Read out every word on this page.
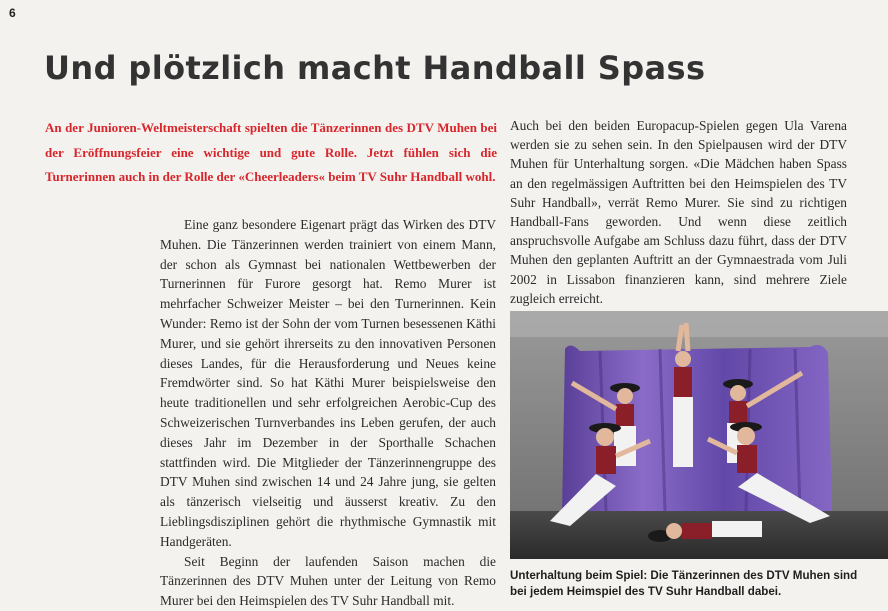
6
Und plötzlich macht Handball Spass

An der Junioren-Weltmeisterschaft spielten die Tänzerinnen des DTV Muhen bei der Eröffnungsfeier eine wichtige und gute Rolle. Jetzt fühlen sich die Turnerinnen auch in der Rolle der «Cheerleaders« beim TV Suhr Handball wohl.

Eine ganz besondere Eigenart prägt das Wirken des DTV Muhen. Die Tänzerinnen werden trainiert von einem Mann, der schon als Gymnast bei nationalen Wettbewerben der Turnerinnen für Furore gesorgt hat. Remo Murer ist mehrfacher Schweizer Meister – bei den Turnerinnen. Kein Wunder: Remo ist der Sohn der vom Turnen besessenen Käthi Murer, und sie gehört ihrerseits zu den innovativen Personen dieses Landes, für die Herausforderung und Neues keine Fremdwörter sind. So hat Käthi Murer beispielsweise den heute traditionellen und sehr erfolgreichen Aerobic-Cup des Schweizerischen Turnverbandes ins Leben gerufen, der auch dieses Jahr im Dezember in der Sporthalle Schachen stattfinden wird. Die Mitglieder der Tänzerinnengruppe des DTV Muhen sind zwischen 14 und 24 Jahre jung, sie gelten als tänzerisch vielseitig und äusserst kreativ. Zu den Lieblingsdisziplinen gehört die rhythmische Gymnastik mit Handgeräten.

Seit Beginn der laufenden Saison machen die Tänzerinnen des DTV Muhen unter der Leitung von Remo Murer bei den Heimspielen des TV Suhr Handball mit.

Auch bei den beiden Europacup-Spielen gegen Ula Varena werden sie zu sehen sein. In den Spielpausen wird der DTV Muhen für Unterhaltung sorgen. «Die Mädchen haben Spass an den regelmässigen Auftritten bei den Heimspielen des TV Suhr Handball», verrät Remo Murer. Sie sind zu richtigen Handball-Fans geworden. Und wenn diese zeitlich anspruchsvolle Aufgabe am Schluss dazu führt, dass der DTV Muhen den geplanten Auftritt an der Gymnaestrada vom Juli 2002 in Lissabon finanzieren kann, sind mehrere Ziele zugleich erreicht.

Unterhaltung beim Spiel: Die Tänzerinnen des DTV Muhen sind bei jedem Heimspiel des TV Suhr Handball dabei.
